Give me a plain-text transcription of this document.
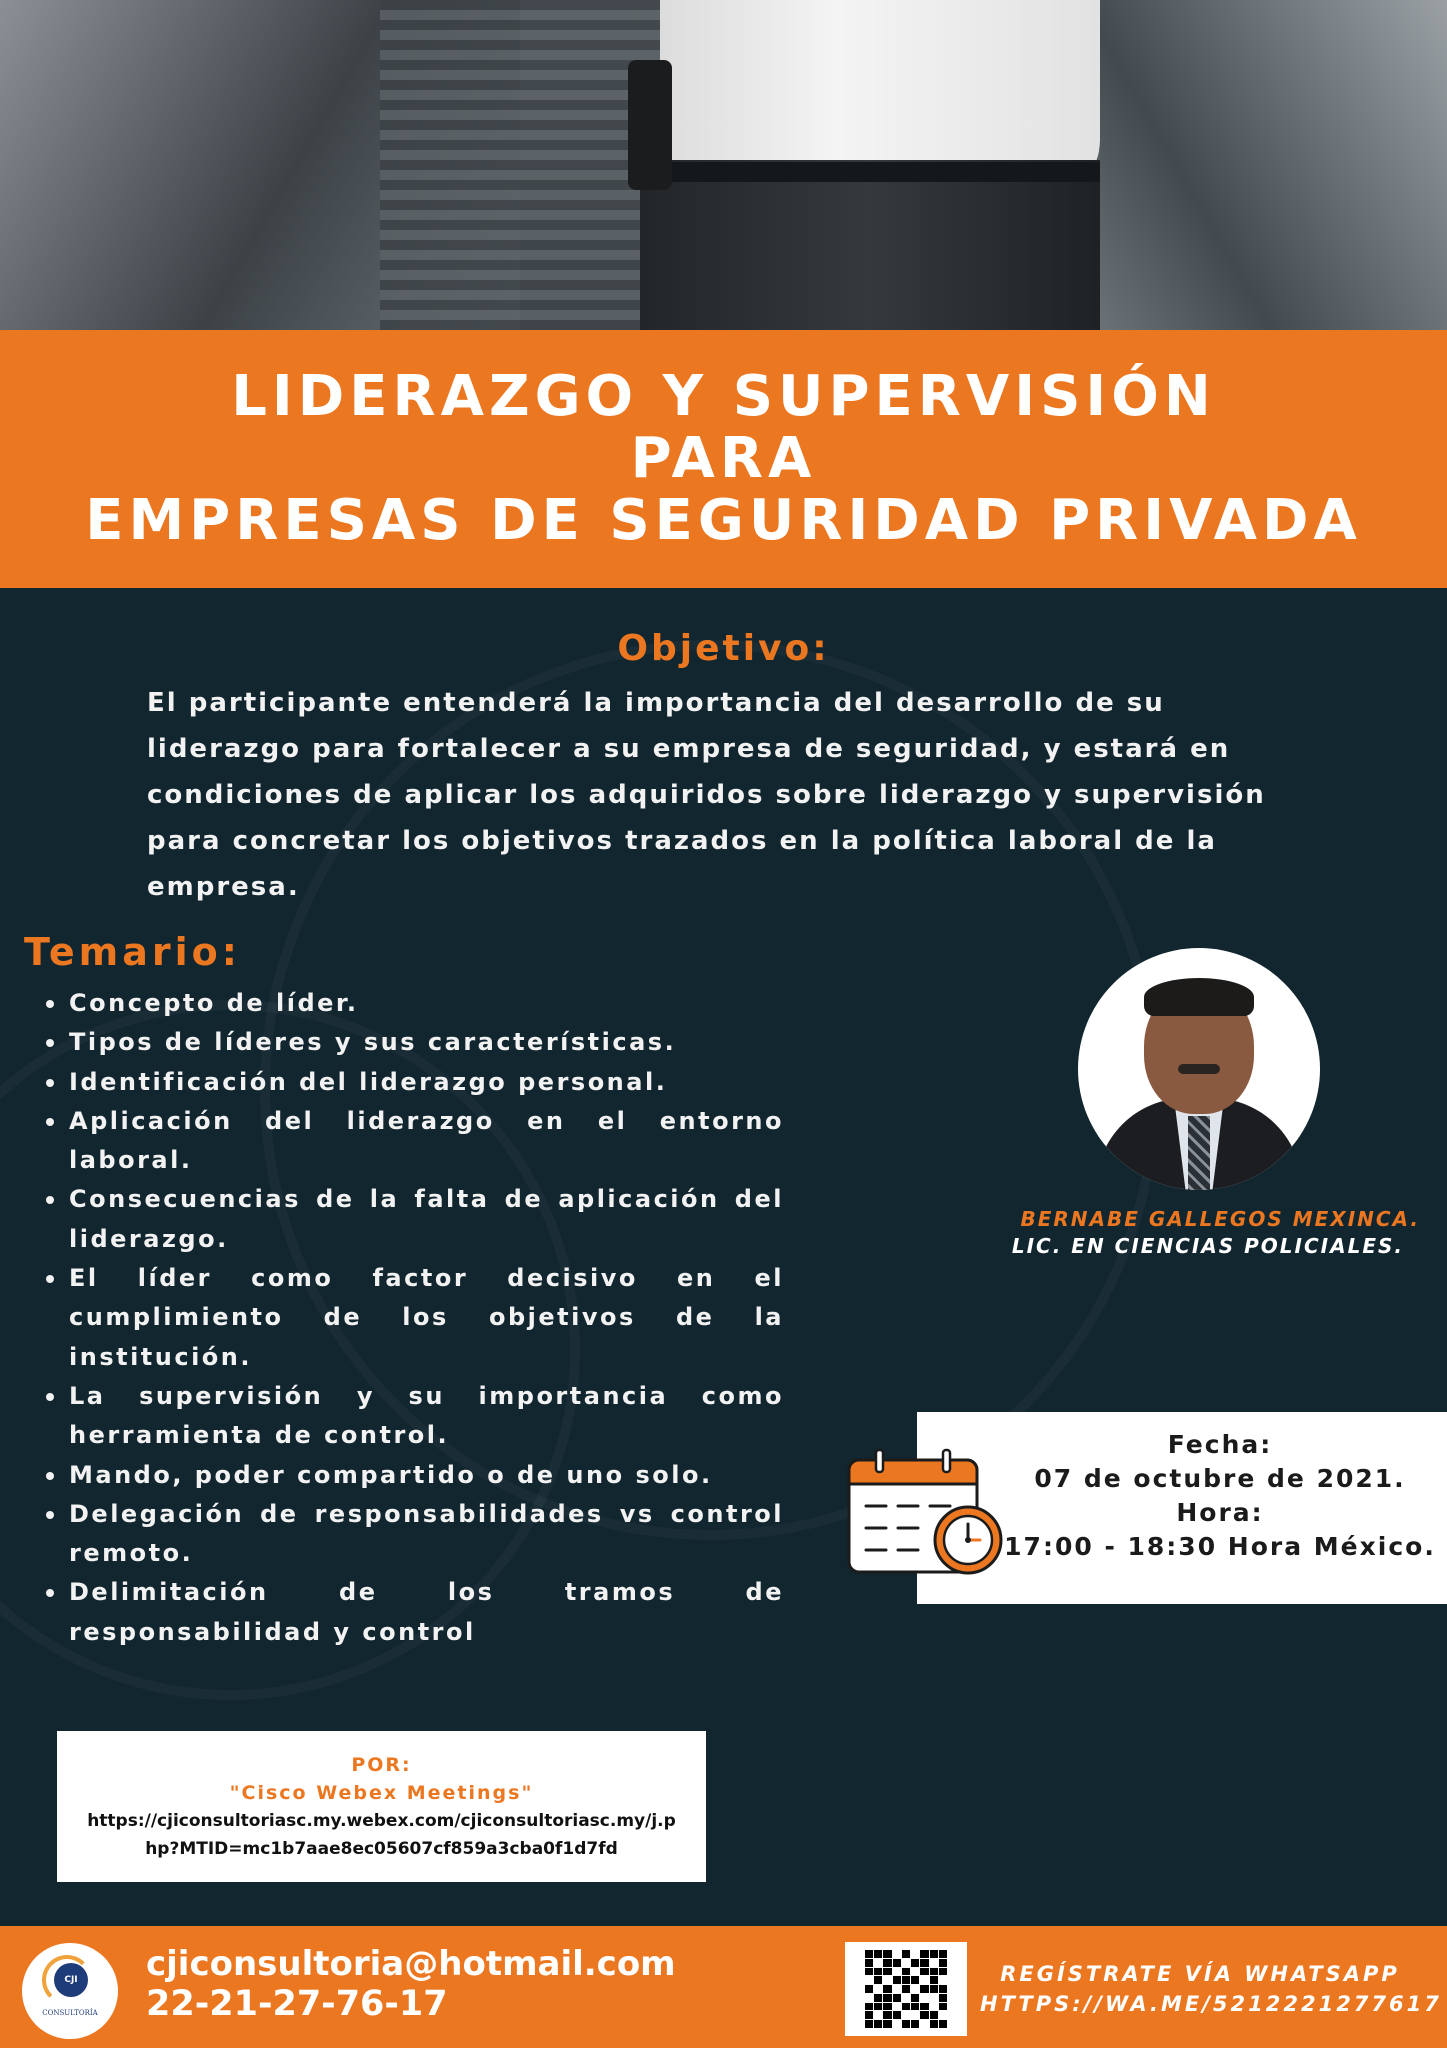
LIDERAZGO Y SUPERVISIÓN
PARA
EMPRESAS DE SEGURIDAD PRIVADA
Objetivo:
El participante entenderá la importancia del desarrollo de su liderazgo para fortalecer a su empresa de seguridad, y estará en condiciones de aplicar los adquiridos sobre liderazgo y supervisión para concretar los objetivos trazados en la política laboral de la empresa.
Temario:
Concepto de líder.
Tipos de líderes y sus características.
Identificación del liderazgo personal.
Aplicación del liderazgo en el entorno laboral.
Consecuencias de la falta de aplicación del liderazgo.
El líder como factor decisivo en el cumplimiento de los objetivos de la institución.
La supervisión y su importancia como herramienta de control.
Mando, poder compartido o de uno solo.
Delegación de responsabilidades vs control remoto.
Delimitación de los tramos de responsabilidad y control
BERNABE GALLEGOS MEXINCA.
LIC. EN CIENCIAS POLICIALES.
Fecha:
07 de octubre de 2021.
Hora:
17:00 - 18:30 Hora México.
POR:
"Cisco Webex Meetings"
https://cjiconsultoriasc.my.webex.com/cjiconsultoriasc.my/j.php?MTID=mc1b7aae8ec05607cf859a3cba0f1d7fd
CJI
CONSULTORÍA
cjiconsultoria@hotmail.com
22-21-27-76-17
REGÍSTRATE VÍA WHATSAPP
HTTPS://WA.ME/5212221277617
